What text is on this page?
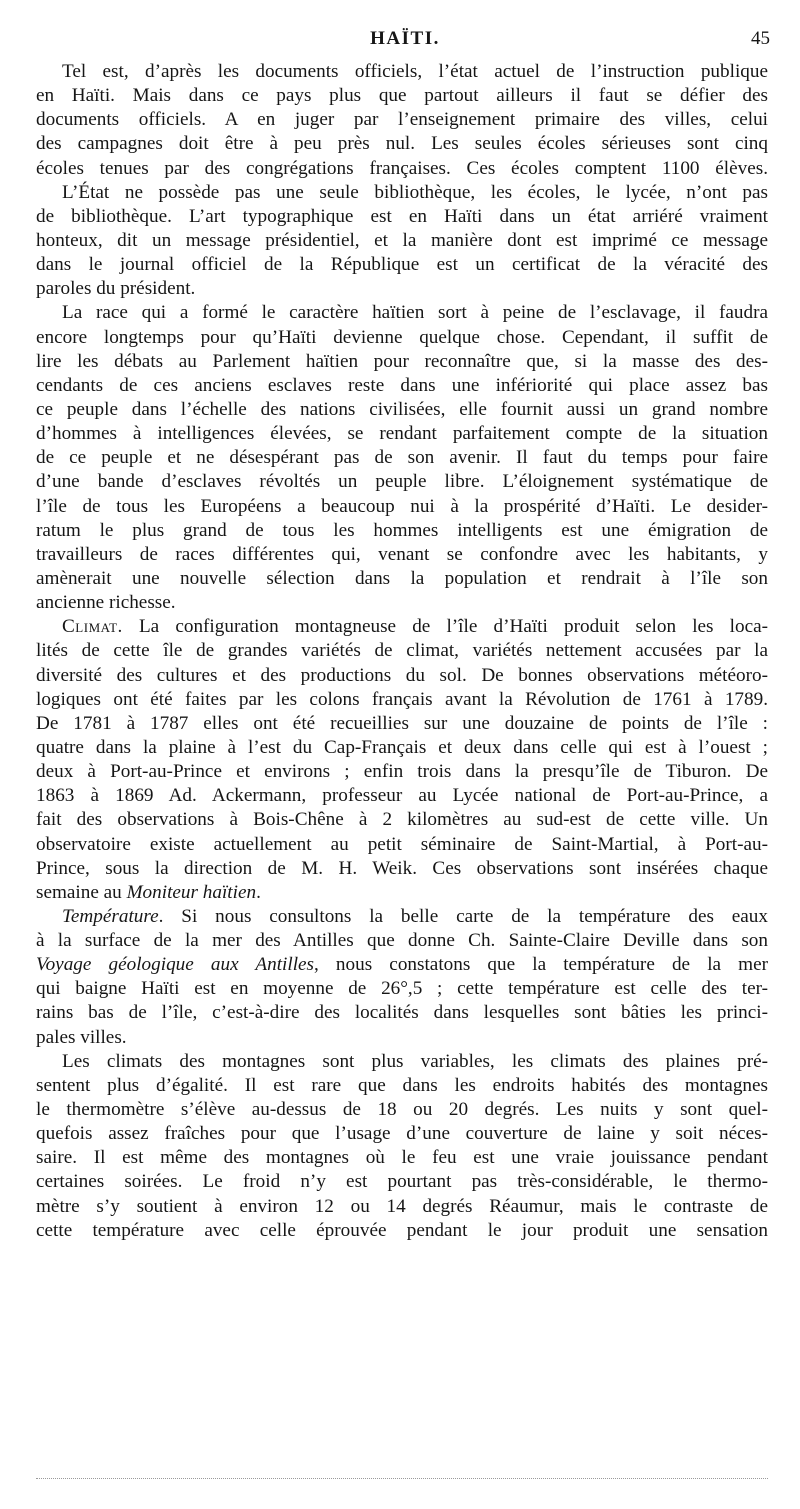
HAÏTI.	45
Tel est, d’après les documents officiels, l’état actuel de l’instruction publique
en Haïti. Mais dans ce pays plus que partout ailleurs il faut se défier des
documents officiels. A en juger par l’enseignement primaire des villes, celui
des campagnes doit être à peu près nul. Les seules écoles sérieuses sont cinq
écoles tenues par des congrégations françaises. Ces écoles comptent 1100 élèves.
L’État ne possède pas une seule bibliothèque, les écoles, le lycée, n’ont pas
de bibliothèque. L’art typographique est en Haïti dans un état arriéré vraiment
honteux, dit un message présidentiel, et la manière dont est imprimé ce message
dans le journal officiel de la République est un certificat de la véracité des
paroles du président.
La race qui a formé le caractère haïtien sort à peine de l’esclavage, il faudra
encore longtemps pour qu’Haïti devienne quelque chose. Cependant, il suffit de
lire les débats au Parlement haïtien pour reconnaître que, si la masse des des-
cendants de ces anciens esclaves reste dans une infériorité qui place assez bas
ce peuple dans l’échelle des nations civilisées, elle fournit aussi un grand nombre
d’hommes à intelligences élevées, se rendant parfaitement compte de la situation
de ce peuple et ne désespérant pas de son avenir. Il faut du temps pour faire
d’une bande d’esclaves révoltés un peuple libre. L’éloignement systématique de
l’île de tous les Européens a beaucoup nui à la prospérité d’Haïti. Le desider-
ratum le plus grand de tous les hommes intelligents est une émigration de
travailleurs de races différentes qui, venant se confondre avec les habitants, y
amènerait une nouvelle sélection dans la population et rendrait à l’île son
ancienne richesse.
Climat. La configuration montagneuse de l’île d’Haïti produit selon les loca-
lités de cette île de grandes variétés de climat, variétés nettement accusées par la
diversité des cultures et des productions du sol. De bonnes observations météoro-
logiques ont été faites par les colons français avant la Révolution de 1761 à 1789.
De 1781 à 1787 elles ont été recueillies sur une douzaine de points de l’île :
quatre dans la plaine à l’est du Cap-Français et deux dans celle qui est à l’ouest ;
deux à Port-au-Prince et environs ; enfin trois dans la presqu’île de Tiburon. De
1863 à 1869 Ad. Ackermann, professeur au Lycée national de Port-au-Prince, a
fait des observations à Bois-Chêne à 2 kilomètres au sud-est de cette ville. Un
observatoire existe actuellement au petit séminaire de Saint-Martial, à Port-au-
Prince, sous la direction de M. H. Weik. Ces observations sont insérées chaque
semaine au Moniteur haïtien.
Température. Si nous consultons la belle carte de la température des eaux
à la surface de la mer des Antilles que donne Ch. Sainte-Claire Deville dans son
Voyage géologique aux Antilles, nous constatons que la température de la mer
qui baigne Haïti est en moyenne de 26°,5 ; cette température est celle des ter-
rains bas de l’île, c’est-à-dire des localités dans lesquelles sont bâties les princi-
pales villes.
Les climats des montagnes sont plus variables, les climats des plaines pré-
sentent plus d’égalité. Il est rare que dans les endroits habités des montagnes
le thermomètre s’élève au-dessus de 18 ou 20 degrés. Les nuits y sont quel-
quefois assez fraîches pour que l’usage d’une couverture de laine y soit néces-
saire. Il est même des montagnes où le feu est une vraie jouissance pendant
certaines soirées. Le froid n’y est pourtant pas très-considérable, le thermo-
mètre s’y soutient à environ 12 ou 14 degrés Réaumur, mais le contraste de
cette température avec celle éprouvée pendant le jour produit une sensation
